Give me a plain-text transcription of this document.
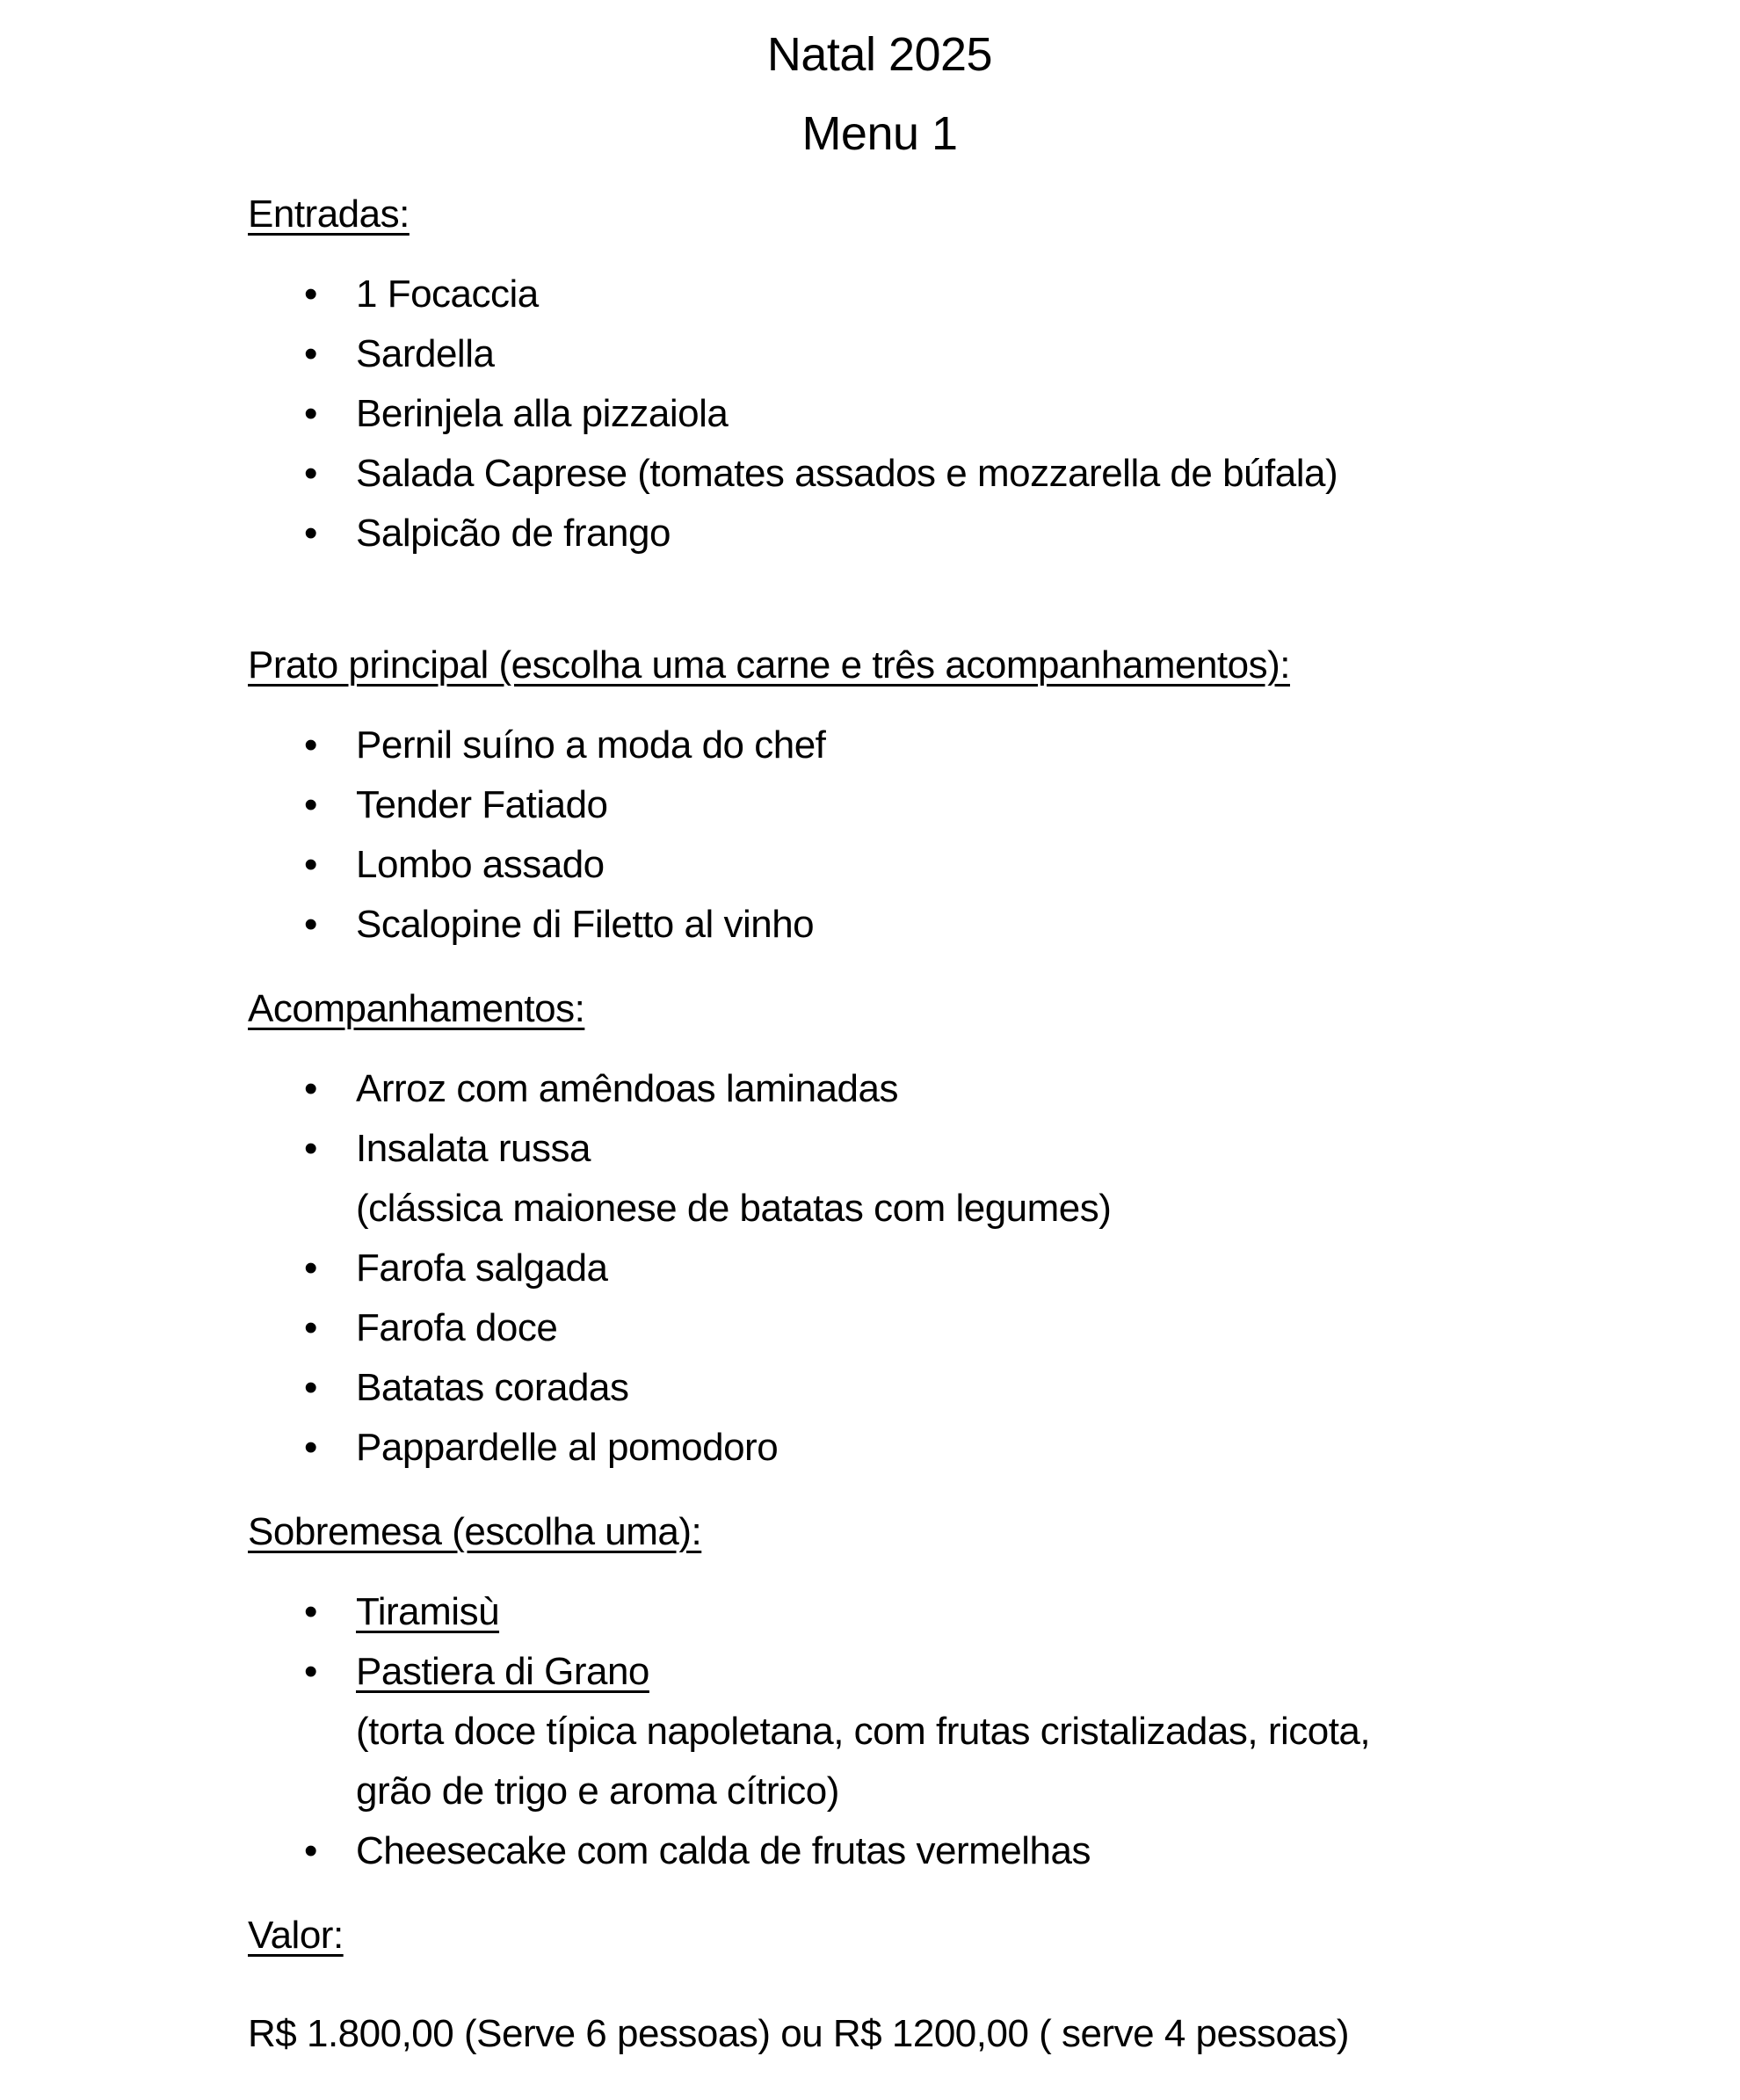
Natal 2025
Menu 1
Entradas:
• 1 Focaccia
• Sardella
• Berinjela alla pizzaiola
• Salada Caprese (tomates assados e mozzarella de búfala)
• Salpicão de frango
Prato principal (escolha uma carne e três acompanhamentos):
• Pernil suíno a moda do chef
• Tender Fatiado
• Lombo assado
• Scalopine di Filetto al vinho
Acompanhamentos:
• Arroz com amêndoas laminadas
• Insalata russa
(clássica maionese de batatas com legumes)
• Farofa salgada
• Farofa doce
• Batatas coradas
• Pappardelle al pomodoro
Sobremesa (escolha uma):
• Tiramisù
• Pastiera di Grano
(torta doce típica napoletana, com frutas cristalizadas, ricota,
grão de trigo e aroma cítrico)
• Cheesecake com calda de frutas vermelhas
Valor:
R$ 1.800,00 (Serve 6 pessoas) ou R$ 1200,00 ( serve 4 pessoas)
